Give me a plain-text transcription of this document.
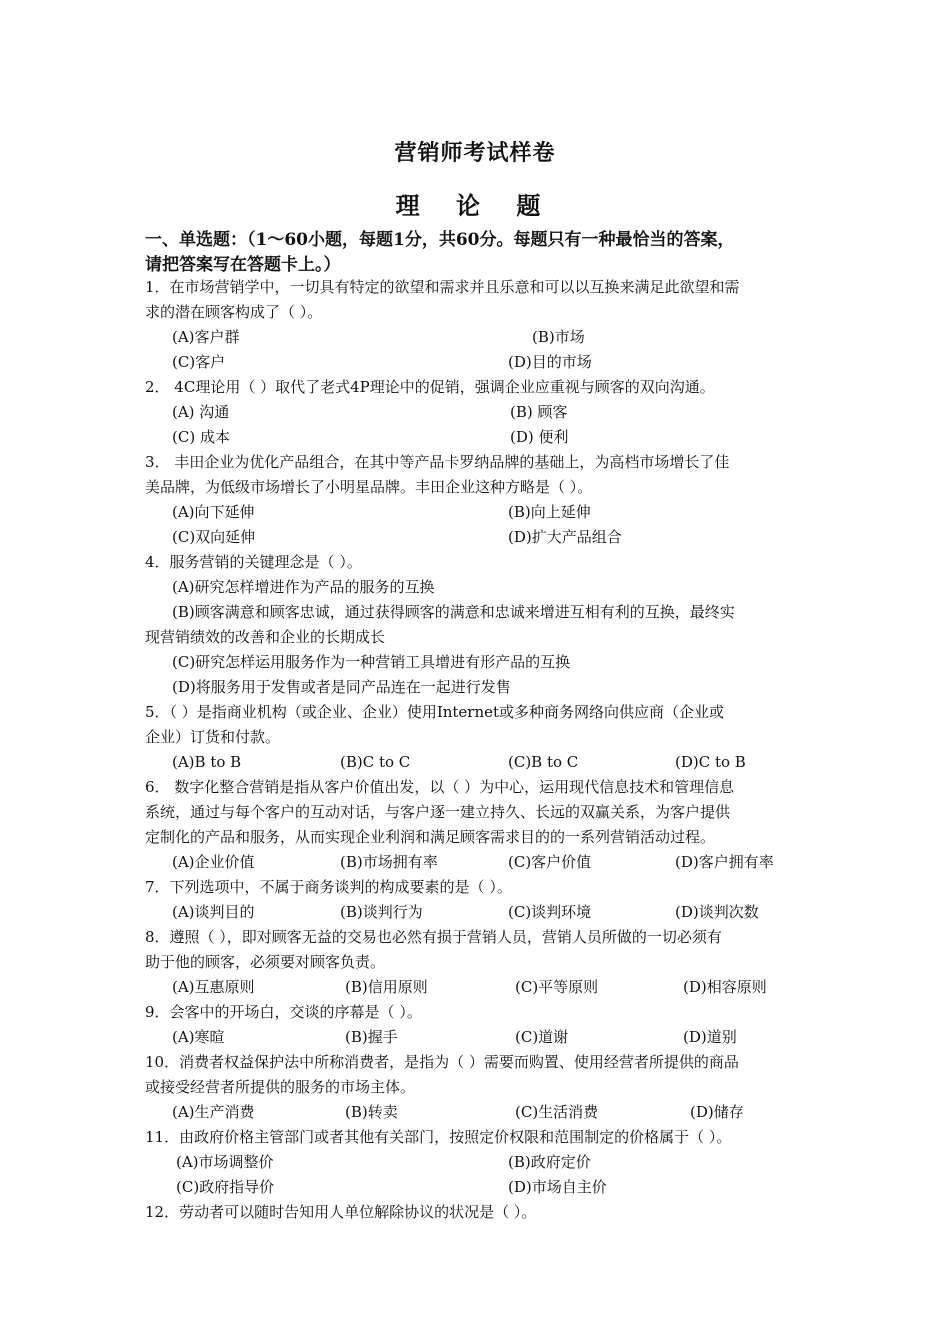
营销师考试样卷
理 论 题
一、单选题：（1～60小题，每题1分，共60分。每题只有一种最恰当的答案，
请把答案写在答题卡上。）
1．在市场营销学中，一切具有特定的欲望和需求并且乐意和可以以互换来满足此欲望和需
求的潜在顾客构成了（ ）。
(A)客户群	(B)市场
(C)客户	(D)目的市场
2． 4C理论用（ ）取代了老式4P理论中的促销，强调企业应重视与顾客的双向沟通。
(A) 沟通	(B) 顾客
(C) 成本	(D) 便利
3． 丰田企业为优化产品组合，在其中等产品卡罗纳品牌的基础上，为高档市场增长了佳
美品牌，为低级市场增长了小明星品牌。丰田企业这种方略是（ ）。
(A)向下延伸	(B)向上延伸
(C)双向延伸	(D)扩大产品组合
4．服务营销的关键理念是（ ）。
(A)研究怎样增进作为产品的服务的互换
(B)顾客满意和顾客忠诚，通过获得顾客的满意和忠诚来增进互相有利的互换，最终实
现营销绩效的改善和企业的长期成长
(C)研究怎样运用服务作为一种营销工具增进有形产品的互换
(D)将服务用于发售或者是同产品连在一起进行发售
5．（ ）是指商业机构（或企业、企业）使用Internet或多种商务网络向供应商（企业或
企业）订货和付款。
(A)B to B	(B)C to C	(C)B to C	(D)C to B
6． 数字化整合营销是指从客户价值出发，以（ ）为中心，运用现代信息技术和管理信息
系统，通过与每个客户的互动对话，与客户逐一建立持久、长远的双赢关系，为客户提供
定制化的产品和服务，从而实现企业利润和满足顾客需求目的的一系列营销活动过程。
(A)企业价值	(B)市场拥有率	(C)客户价值	(D)客户拥有率
7．下列选项中，不属于商务谈判的构成要素的是（ ）。
(A)谈判目的	(B)谈判行为	(C)谈判环境	(D)谈判次数
8．遵照（ ），即对顾客无益的交易也必然有损于营销人员，营销人员所做的一切必须有
助于他的顾客，必须要对顾客负责。
(A)互惠原则	(B)信用原则	(C)平等原则	(D)相容原则
9．会客中的开场白，交谈的序幕是（ ）。
(A)寒暄	(B)握手	(C)道谢	(D)道别
10．消费者权益保护法中所称消费者，是指为（ ）需要而购置、使用经营者所提供的商品
或接受经营者所提供的服务的市场主体。
(A)生产消费	(B)转卖	(C)生活消费	(D)储存
11．由政府价格主管部门或者其他有关部门，按照定价权限和范围制定的价格属于（ ）。
(A)市场调整价	(B)政府定价
(C)政府指导价	(D)市场自主价
12．劳动者可以随时告知用人单位解除协议的状况是（ ）。
